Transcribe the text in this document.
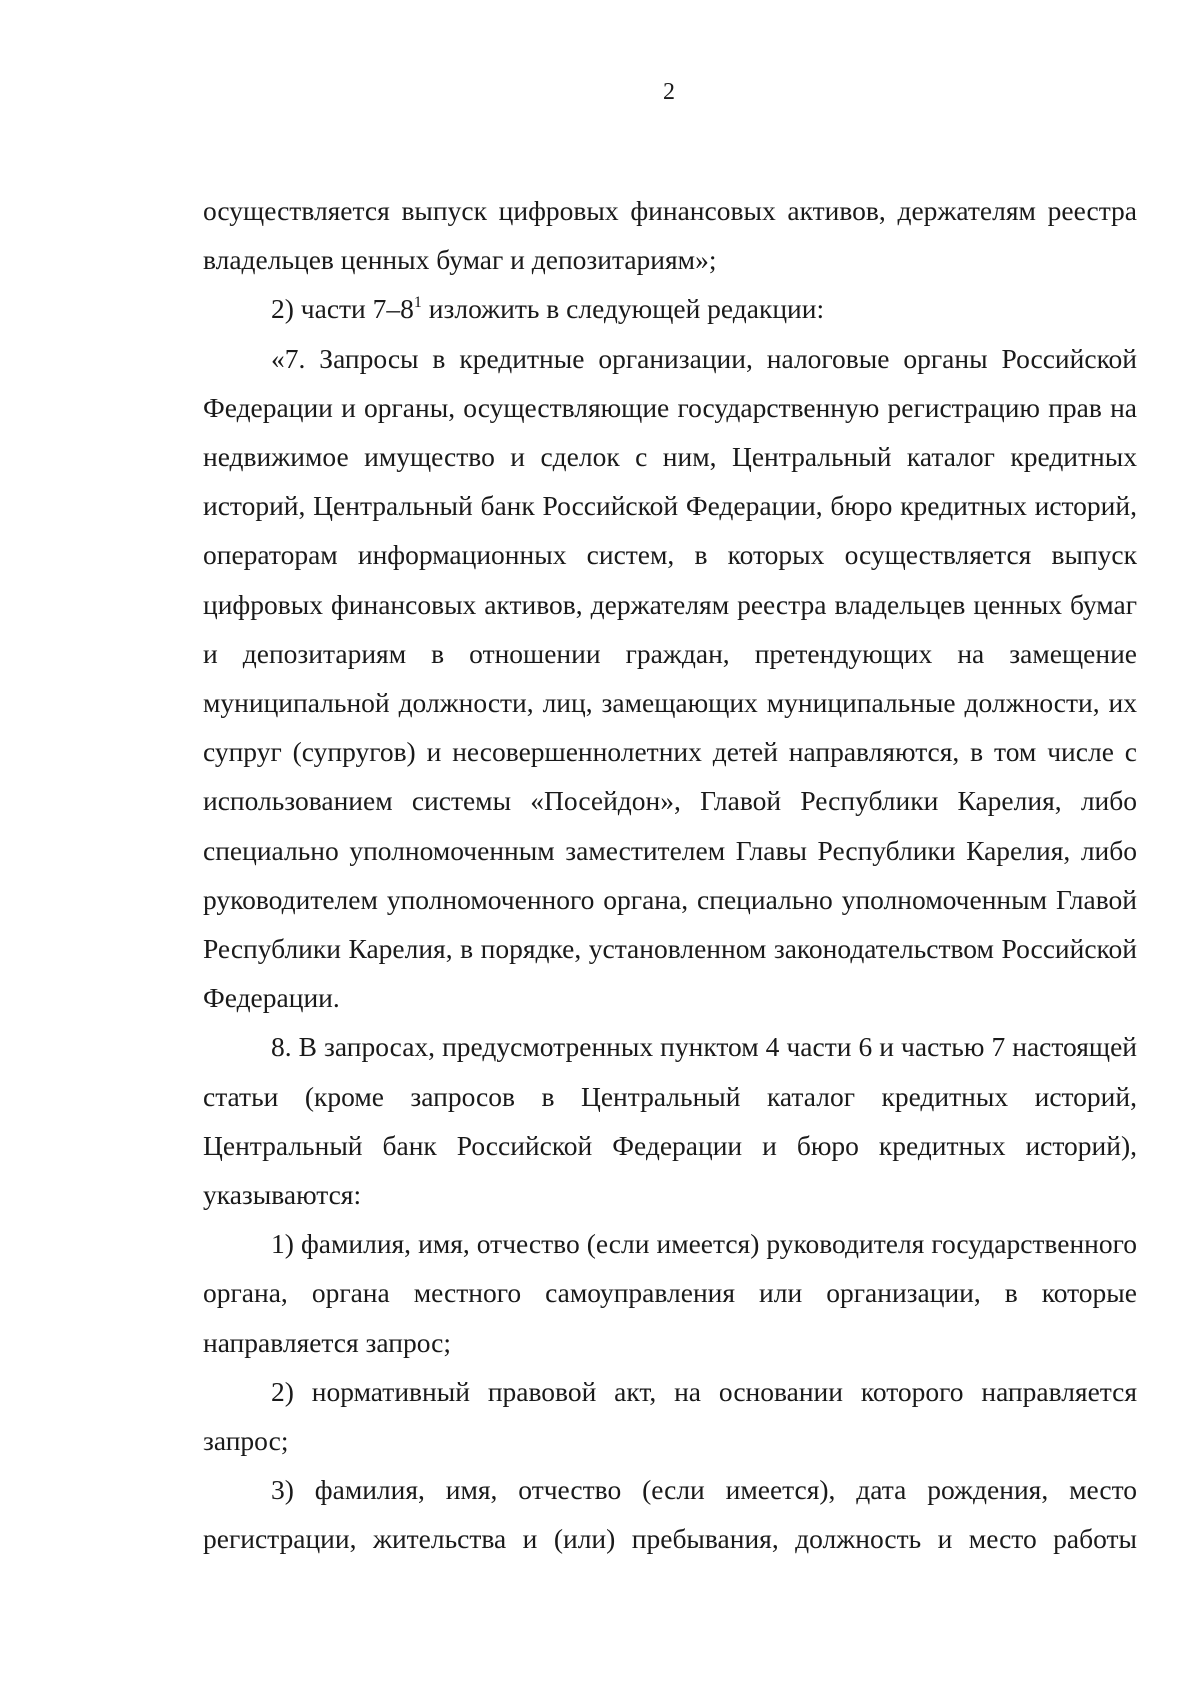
2

осуществляется выпуск цифровых финансовых активов, держателям реестра владельцев ценных бумаг и депозитариям»;

2) части $7-8^1$ изложить в следующей редакции:

«7. Запросы в кредитные организации, налоговые органы Российской Федерации и органы, осуществляющие государственную регистрацию прав на недвижимое имущество и сделок с ним, Центральный каталог кредитных историй, Центральный банк Российской Федерации, бюро кредитных историй, операторам информационных систем, в которых осуществляется выпуск цифровых финансовых активов, держателям реестра владельцев ценных бумаг и депозитариям в отношении граждан, претендующих на замещение муниципальной должности, лиц, замещающих муниципальные должности, их супруг (супругов) и несовершеннолетних детей направляются, в том числе с использованием системы «Посейдон», Главой Республики Карелия, либо специально уполномоченным заместителем Главы Республики Карелия, либо руководителем уполномоченного органа, специально уполномоченным Главой Республики Карелия, в порядке, установленном законодательством Российской Федерации.

8. В запросах, предусмотренных пунктом 4 части 6 и частью 7 настоящей статьи (кроме запросов в Центральный каталог кредитных историй, Центральный банк Российской Федерации и бюро кредитных историй), указываются:

1) фамилия, имя, отчество (если имеется) руководителя государственного органа, органа местного самоуправления или организации, в которые направляется запрос;

2) нормативный правовой акт, на основании которого направляется запрос;

3) фамилия, имя, отчество (если имеется), дата рождения, место регистрации, жительства и (или) пребывания, должность и место работы
